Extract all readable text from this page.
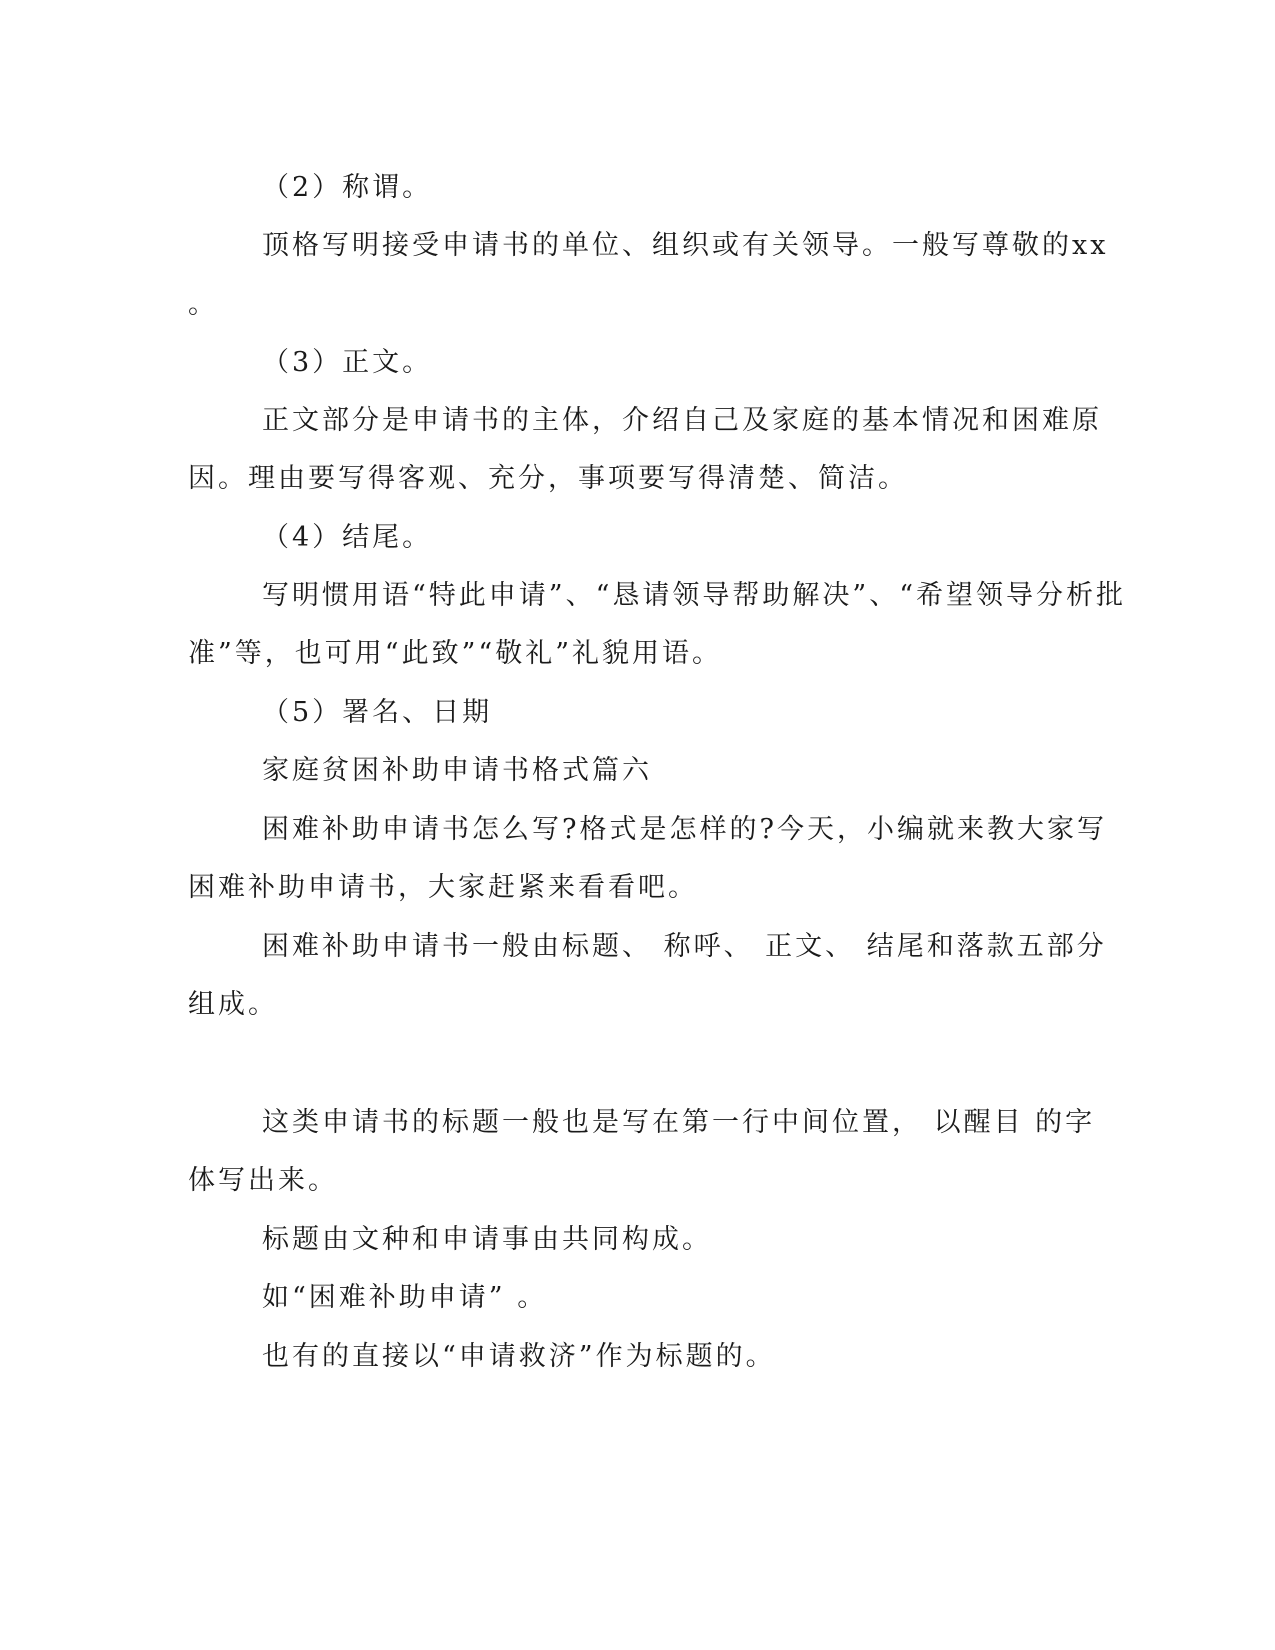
（2）称谓。

顶格写明接受申请书的单位、组织或有关领导。一般写尊敬的xx

。

（3）正文。

正文部分是申请书的主体，介绍自己及家庭的基本情况和困难原

因。理由要写得客观、充分，事项要写得清楚、简洁。

（4）结尾。

写明惯用语“特此申请”、“恳请领导帮助解决”、“希望领导分析批

准”等，也可用“此致”“敬礼”礼貌用语。

（5）署名、日期

家庭贫困补助申请书格式篇六

困难补助申请书怎么写?格式是怎样的?今天，小编就来教大家写

困难补助申请书，大家赶紧来看看吧。

困难补助申请书一般由标题、 称呼、 正文、 结尾和落款五部分

组成。

这类申请书的标题一般也是写在第一行中间位置， 以醒目 的字

体写出来。

标题由文种和申请事由共同构成。

如“困难补助申请” 。

也有的直接以“申请救济”作为标题的。
